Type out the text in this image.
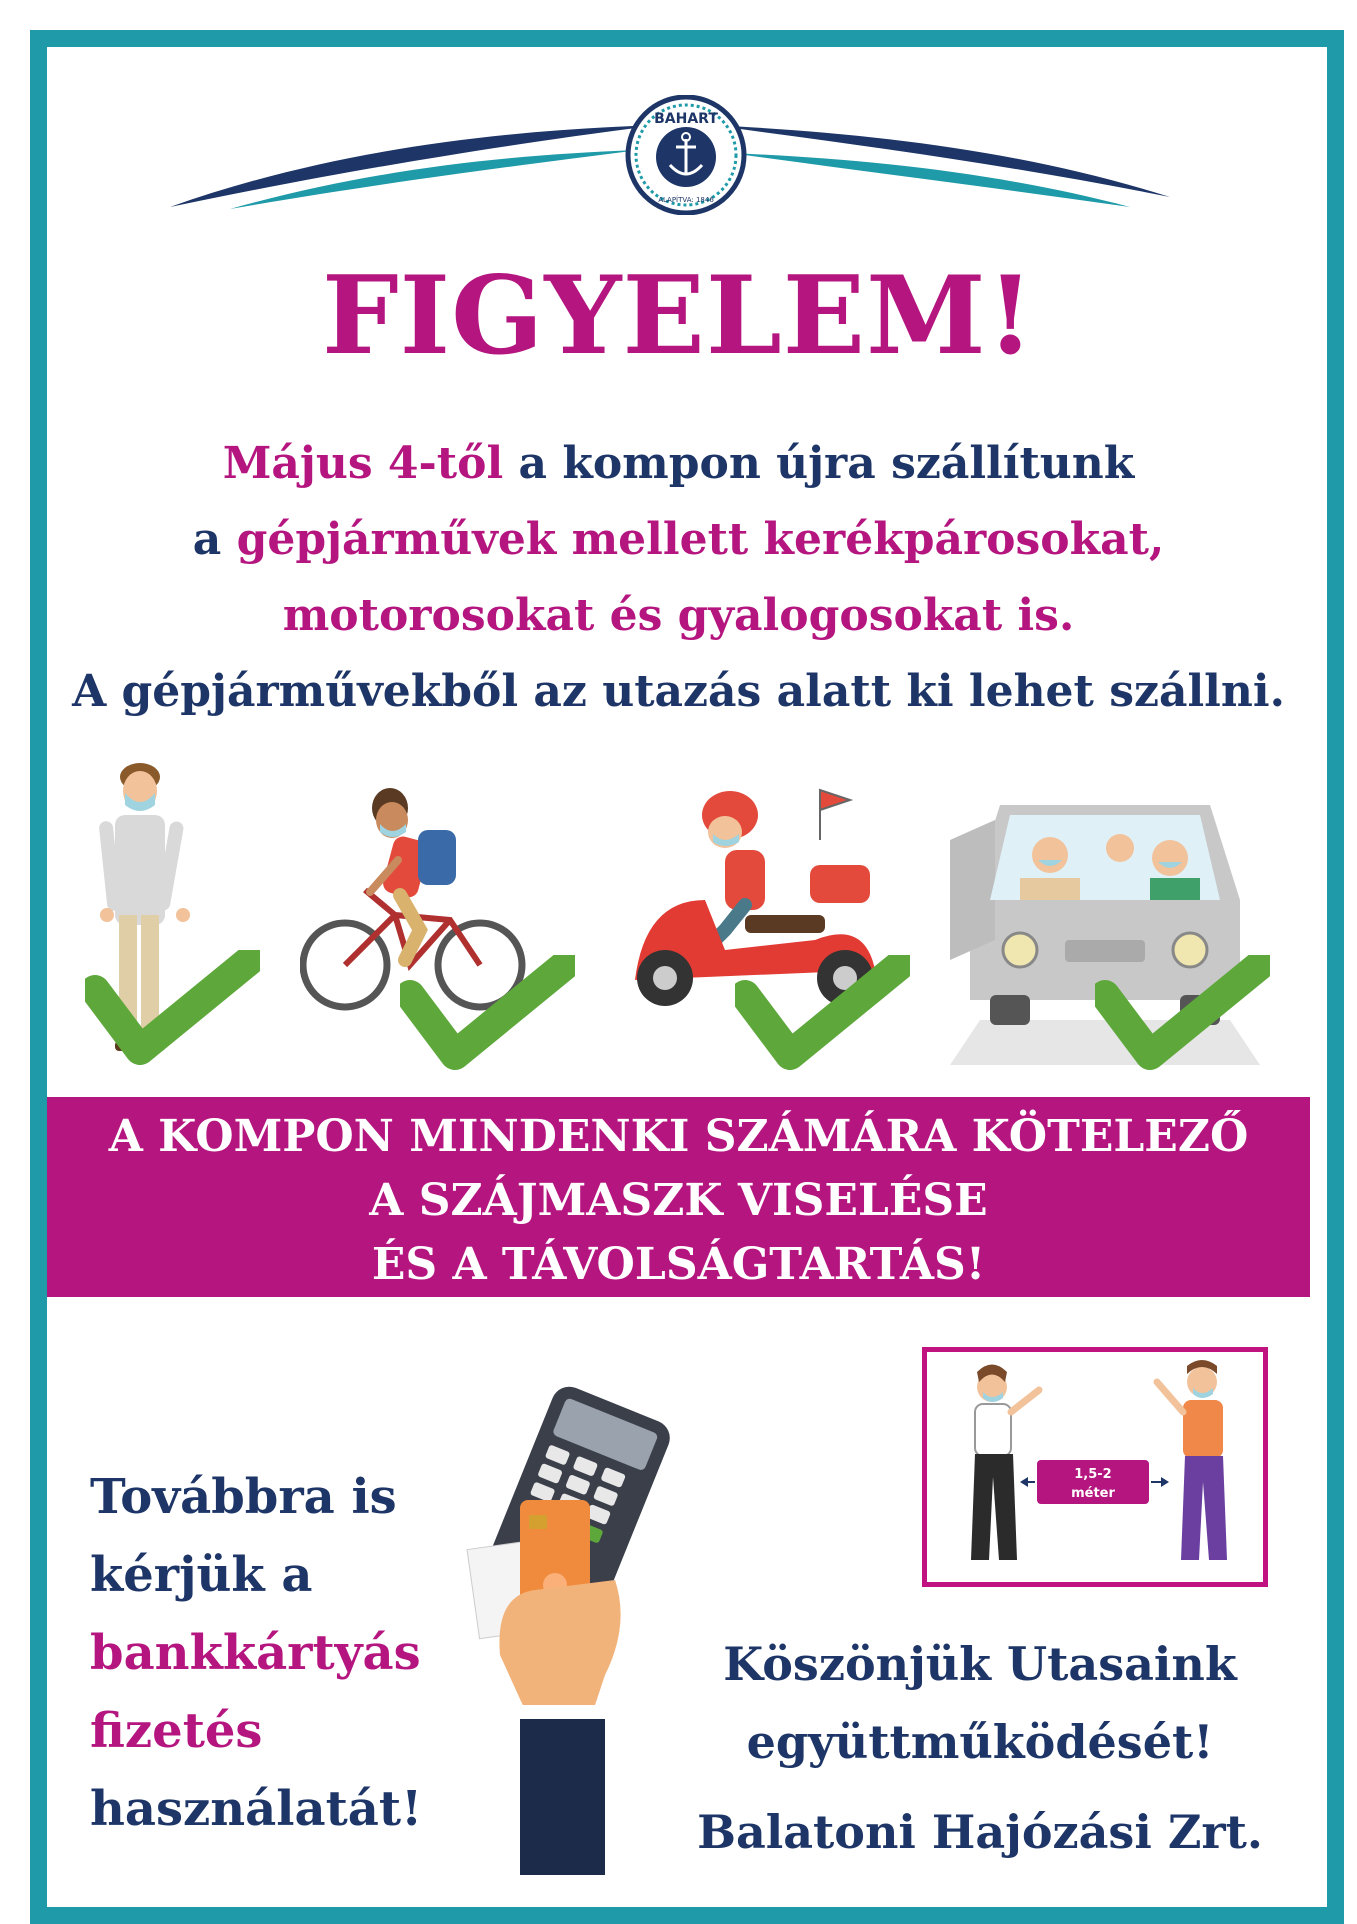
BAHART
ALAPÍTVA: 1846
FIGYELEM!
Május 4-től a kompon újra szállítunk
a gépjárművek mellett kerékpárosokat,
motorosokat és gyalogosokat is.
A gépjárművekből az utazás alatt ki lehet szállni.
A KOMPON MINDENKI SZÁMÁRA KÖTELEZŐ
A SZÁJMASZK VISELÉSE
ÉS A TÁVOLSÁGTARTÁS!
Továbbra is
kérjük a
bankkártyás
fizetés
használatát!
1,5-2
méter
Köszönjük Utasaink
együttműködését!
Balatoni Hajózási Zrt.
